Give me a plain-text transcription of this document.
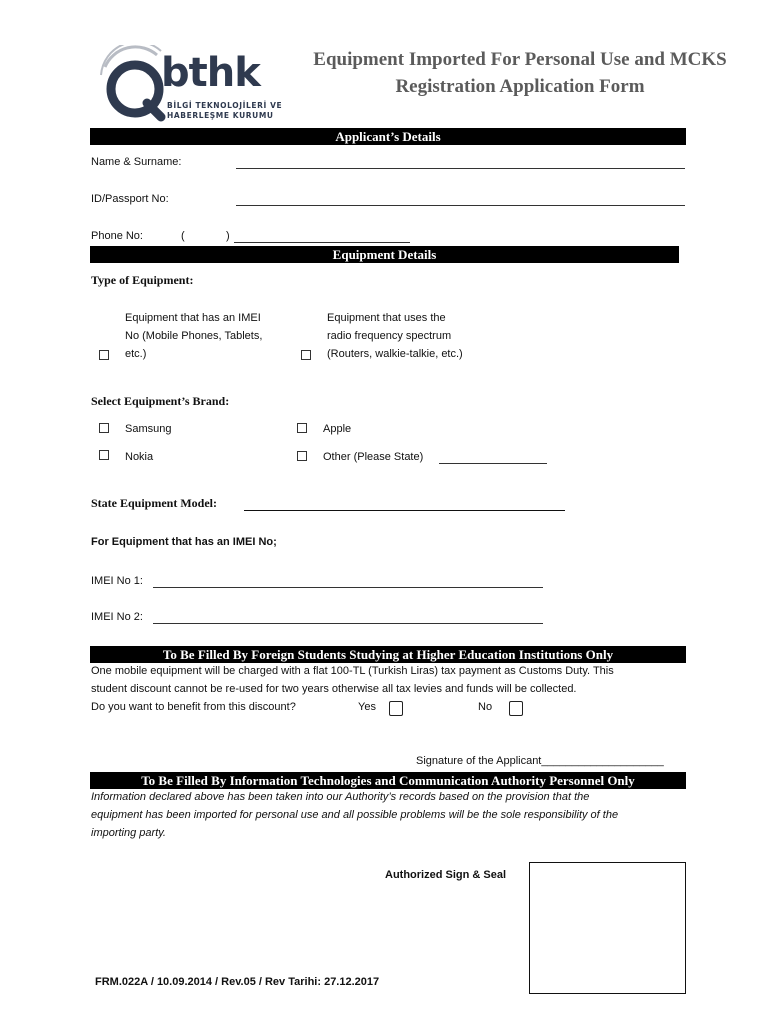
bthk
BİLGİ TEKNOLOJİLERİ VE
HABERLEŞME KURUMU
Equipment Imported For Personal Use and MCKS
Registration Application Form
Applicant’s Details
Name & Surname:
ID/Passport No:
Phone No:	(	)
Equipment Details
Type of Equipment:
Equipment that has an IMEI
No (Mobile Phones, Tablets,
etc.)
Equipment that uses the
radio frequency spectrum
(Routers, walkie-talkie, etc.)
Select Equipment’s Brand:
Samsung	Apple
Nokia	Other (Please State)
State Equipment Model:
For Equipment that has an IMEI No;
IMEI No 1:
IMEI No 2:
To Be Filled By Foreign Students Studying at Higher Education Institutions Only
One mobile equipment will be charged with a flat 100-TL (Turkish Liras) tax payment as Customs Duty. This
student discount cannot be re-used for two years otherwise all tax levies and funds will be collected.
Do you want to benefit from this discount?	Yes	No
Signature of the Applicant____________________
To Be Filled By Information Technologies and Communication Authority Personnel Only
Information declared above has been taken into our Authority’s records based on the provision that the
equipment has been imported for personal use and all possible problems will be the sole responsibility of the
importing party.
Authorized Sign & Seal
FRM.022A / 10.09.2014 / Rev.05 / Rev Tarihi: 27.12.2017
